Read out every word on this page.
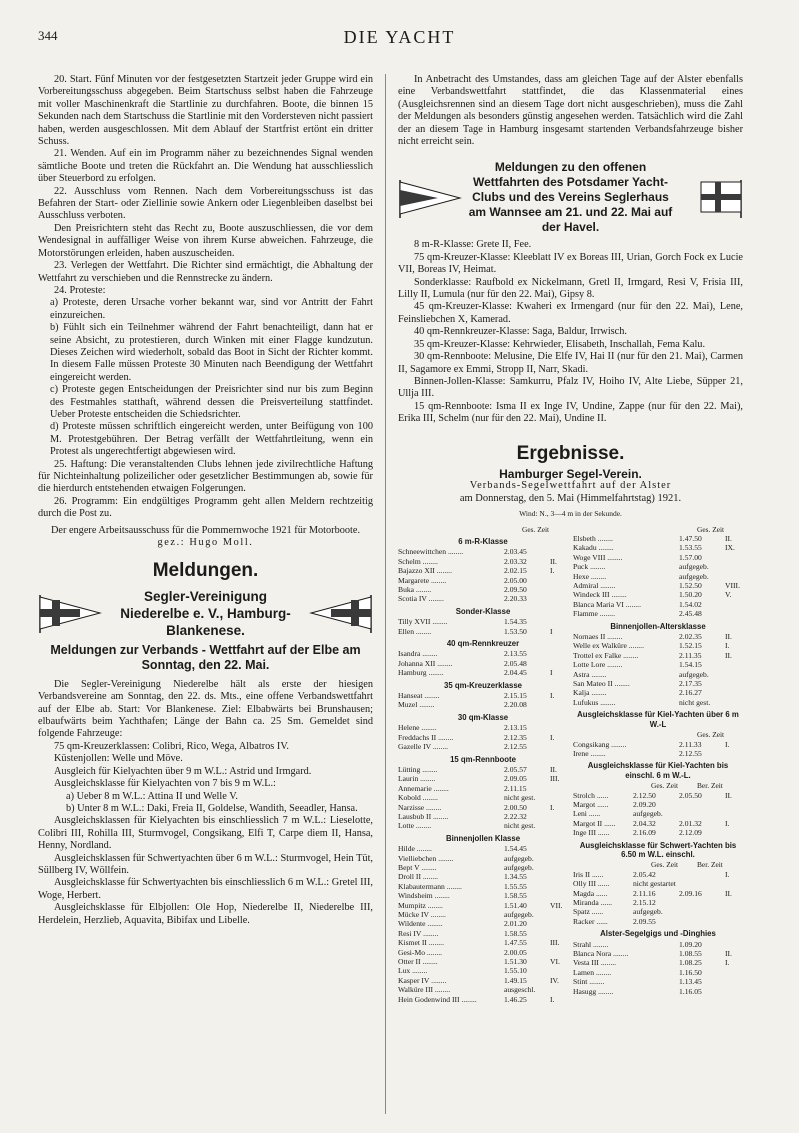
344	DIE YACHT

20. Start. Fünf Minuten vor der festgesetzten Startzeit jeder Gruppe wird ein Vorbereitungsschuss abgegeben. Beim Startschuss selbst haben die Fahrzeuge mit voller Maschinenkraft die Startlinie zu durchfahren. Boote, die binnen 15 Sekunden nach dem Startschuss die Startlinie mit den Vordersteven nicht passiert haben, werden ausgeschlossen. Mit dem Ablauf der Startfrist ertönt ein dritter Schuss.

21. Wenden. Auf ein im Programm näher zu bezeichnendes Signal wenden sämtliche Boote und treten die Rückfahrt an. Die Wendung hat ausschliesslich über Steuerbord zu erfolgen.

22. Ausschluss vom Rennen. Nach dem Vorbereitungsschuss ist das Befahren der Start- oder Ziellinie sowie Ankern oder Liegenbleiben daselbst bei Ausschluss verboten.

Den Preisrichtern steht das Recht zu, Boote auszuschliessen, die vor dem Wendesignal in auffälliger Weise von ihrem Kurse abweichen. Fahrzeuge, die Motorstörungen erleiden, haben auszuscheiden.

23. Verlegen der Wettfahrt. Die Richter sind ermächtigt, die Abhaltung der Wettfahrt zu verschieben und die Rennstrecke zu ändern.

24. Proteste:

a) Proteste, deren Ursache vorher bekannt war, sind vor Antritt der Fahrt einzureichen.

b) Fühlt sich ein Teilnehmer während der Fahrt benachteiligt, dann hat er seine Absicht, zu protestieren, durch Winken mit einer Flagge kundzutun. Dieses Zeichen wird wiederholt, sobald das Boot in Sicht der Richter kommt. In diesem Falle müssen Proteste 30 Minuten nach Beendigung der Wettfahrt eingereicht werden.

c) Proteste gegen Entscheidungen der Preisrichter sind nur bis zum Beginn des Festmahles statthaft, während dessen die Preisverteilung stattfindet. Ueber Proteste entscheiden die Schiedsrichter.

d) Proteste müssen schriftlich eingereicht werden, unter Beifügung von 100 M. Protestgebühren. Der Betrag verfällt der Wettfahrtleitung, wenn ein Protest als ungerechtfertigt abgewiesen wird.

25. Haftung: Die veranstaltenden Clubs lehnen jede zivilrechtliche Haftung für Nichteinhaltung polizeilicher oder gesetzlicher Bestimmungen ab, sowie für die hierdurch entstehenden etwaigen Folgerungen.

26. Programm: Ein endgültiges Programm geht allen Meldern rechtzeitig durch die Post zu.

Der engere Arbeitsausschuss für die Pommernwoche 1921 für Motorboote.

gez.: Hugo Moll.

Meldungen.
Segler-Vereinigung Niederelbe e. V., Hamburg-Blankenese.
Meldungen zur Verbands - Wettfahrt auf der Elbe am Sonntag, den 22. Mai.

Die Segler-Vereinigung Niederelbe hält als erste der hiesigen Verbandsvereine am Sonntag, den 22. ds. Mts., eine offene Verbandswettfahrt auf der Elbe ab. Start: Vor Blankenese. Ziel: Elbabwärts bei Brunshausen; elbaufwärts beim Yachthafen; Länge der Bahn ca. 25 Sm. Gemeldet sind folgende Fahrzeuge:

75 qm-Kreuzerklassen: Colibri, Rico, Wega, Albatros IV.

Küstenjollen: Welle und Möve.

Ausgleich für Kielyachten über 9 m W.L.: Astrid und Irmgard.

Ausgleichsklasse für Kielyachten von 7 bis 9 m W.L.:

a) Ueber 8 m W.L.: Attina II und Welle V.

b) Unter 8 m W.L.: Daki, Freia II, Goldelse, Wandith, Seeadler, Hansa.

Ausgleichsklassen für Kielyachten bis einschliesslich 7 m W.L.: Lieselotte, Colibri III, Rohilla III, Sturmvogel, Congsikang, Elfi T, Carpe diem II, Hansa, Henny, Nordland.

Ausgleichsklassen für Schwertyachten über 6 m W.L.: Sturmvogel, Hein Tüt, Süllberg IV, Wöllfein.

Ausgleichsklasse für Schwertyachten bis einschliesslich 6 m W.L.: Gretel III, Woge, Herbert.

Ausgleichsklasse für Elbjollen: Ole Hop, Niederelbe II, Niederelbe III, Herdelein, Herzlieb, Aquavita, Bibifax und Libelle.

In Anbetracht des Umstandes, dass am gleichen Tage auf der Alster ebenfalls eine Verbandswettfahrt stattfindet, die das Klassenmaterial eines (Ausgleichsrennen sind an diesem Tage dort nicht ausgeschrieben), muss die Zahl der Meldungen als besonders günstig angesehen werden. Tatsächlich wird die Zahl der an diesem Tage in Hamburg insgesamt startenden Verbandsfahrzeuge bisher nicht erreicht sein.

Meldungen zu den offenen Wettfahrten des Potsdamer Yacht-Clubs und des Vereins Seglerhaus am Wannsee am 21. und 22. Mai auf der Havel.

8 m-R-Klasse: Grete II, Fee.

75 qm-Kreuzer-Klasse: Kleeblatt IV ex Boreas III, Urian, Gorch Fock ex Lucie VII, Boreas IV, Heimat.

Sonderklasse: Raufbold ex Nickelmann, Gretl II, Irmgard, Resi V, Frisia III, Lilly II, Lumula (nur für den 22. Mai), Gipsy 8.

45 qm-Kreuzer-Klasse: Kwaheri ex Irmengard (nur für den 22. Mai), Lene, Feinsliebchen X, Kamerad.

40 qm-Rennkreuzer-Klasse: Saga, Baldur, Irrwisch.

35 qm-Kreuzer-Klasse: Kehrwieder, Elisabeth, Inschallah, Fema Kalu.

30 qm-Rennboote: Melusine, Die Elfe IV, Hai II (nur für den 21. Mai), Carmen II, Sagamore ex Emmi, Stropp II, Narr, Skadi.

Binnen-Jollen-Klasse: Samkurru, Pfalz IV, Hoiho IV, Alte Liebe, Süpper 21, Ullja III.

15 qm-Rennboote: Isma II ex Inge IV, Undine, Zappe (nur für den 22. Mai), Erika III, Schelm (nur für den 22. Mai), Undine II.

Ergebnisse.
Hamburger Segel-Verein.
Verbands-Segelwettfahrt auf der Alster
am Donnerstag, den 5. Mai (Himmelfahrtstag) 1921.
Wind: N., 3—4 m in der Sekunde.
Ges. Zeit
6 m-R-Klasse
Schneewittchen ........	2.03.45
Schelm ........	2.03.32	II.
Bajazzo XII ........	2.02.15	I.
Margarete ........	2.05.00
Buka ........	2.09.50
Scotia IV ........	2.20.33
Sonder-Klasse
Tilly XVII ........	1.54.35
Ellen ........	1.53.50	I
40 qm-Rennkreuzer
Isandra ........	2.13.55
Johanna XII ........	2.05.48
Hamburg ........	2.04.45	I
35 qm-Kreuzerklasse
Hanseat ........	2.15.15	I.
Muzel ........	2.20.08
30 qm-Klasse
Helene ........	2.13.15
Freddachs II ........	2.12.35	I.
Gazelle IV ........	2.12.55
15 qm-Rennboote
Lütting ........	2.05.57	II.
Laurin ........	2.09.05	III.
Annemarie ........	2.11.15
Kobold ........	nicht gest.
Narzisse ........	2.00.50	I.
Lausbub II ........	2.22.32
Lotte ........	nicht gest.
Binnenjollen Klasse
Hilde ........	1.54.45
Vielliebchen ........	aufgegeb.
Bept V ........	aufgegeb.
Droll II ........	1.34.55
Klabautermann ........	1.55.55
Windsheim ........	1.58.55
Mumpitz ........	1.51.40	VII.
Mücke IV ........	aufgegeb.
Wildente ........	2.01.20
Resi IV ........	1.58.55
Kismet II ........	1.47.55	III.
Gesi-Mo ........	2.00.05
Otter II ........	1.51.30	VI.
Lux ........	1.55.10
Kasper IV ........	1.49.15	IV.
Walküre III ........	ausgeschl.
Hein Godenwind III ........	1.46.25	I.
Ges. Zeit
Elsbeth ........	1.47.50	II.
Kakadu ........	1.53.55	IX.
Woge VIII ........	1.57.00
Puck ........	aufgegeb.
Hexe ........	aufgegeb.
Admiral ........	1.52.50	VIII.
Windeck III ........	1.50.20	V.
Blanca Maria VI ........	1.54.02
Flamme ........	2.45.48
Binnenjollen-Altersklasse
Nornaes II ........	2.02.35	II.
Welle ex Walküre ........	1.52.15	I.
Trottel ex Falke ........	2.11.35	II.
Lotte Lore ........	1.54.15
Astra ........	aufgegeb.
San Mateo II ........	2.17.35
Kalja ........	2.16.27
Lufukus ........	nicht gest.
Ausgleichsklasse für Kiel-Yachten über 6 m W.-L
Ges. Zeit
Congsikang ........	2.11.33	I.
Irene ........	2.12.55
Ausgleichsklasse für Kiel-Yachten bis einschl. 6 m W.-L.
Ges. Zeit	Ber. Zeit
Strolch ......	2.12.50	2.05.50	II.
Margot ......	2.09.20
Leni ......	aufgegeb.
Margot II ......	2.04.32	2.01.32	I.
Inge III ......	2.16.09	2.12.09
Ausgleichsklasse für Schwert-Yachten bis 6.50 m W.L. einschl.
Ges. Zeit	Ber. Zeit
Iris II ......	2.05.42	I.
Olly III ......	nicht gestartet
Magda ......	2.11.16	2.09.16	II.
Miranda ......	2.15.12
Spatz ......	aufgegeb.
Racker ......	2.09.55
Alster-Segelgigs und -Dinghies
Strahl ........	1.09.20
Blanca Nora ........	1.08.55	II.
Vesta III ........	1.08.25	I.
Lamen ........	1.16.50
Stint ........	1.13.45
Hasugg ........	1.16.05
